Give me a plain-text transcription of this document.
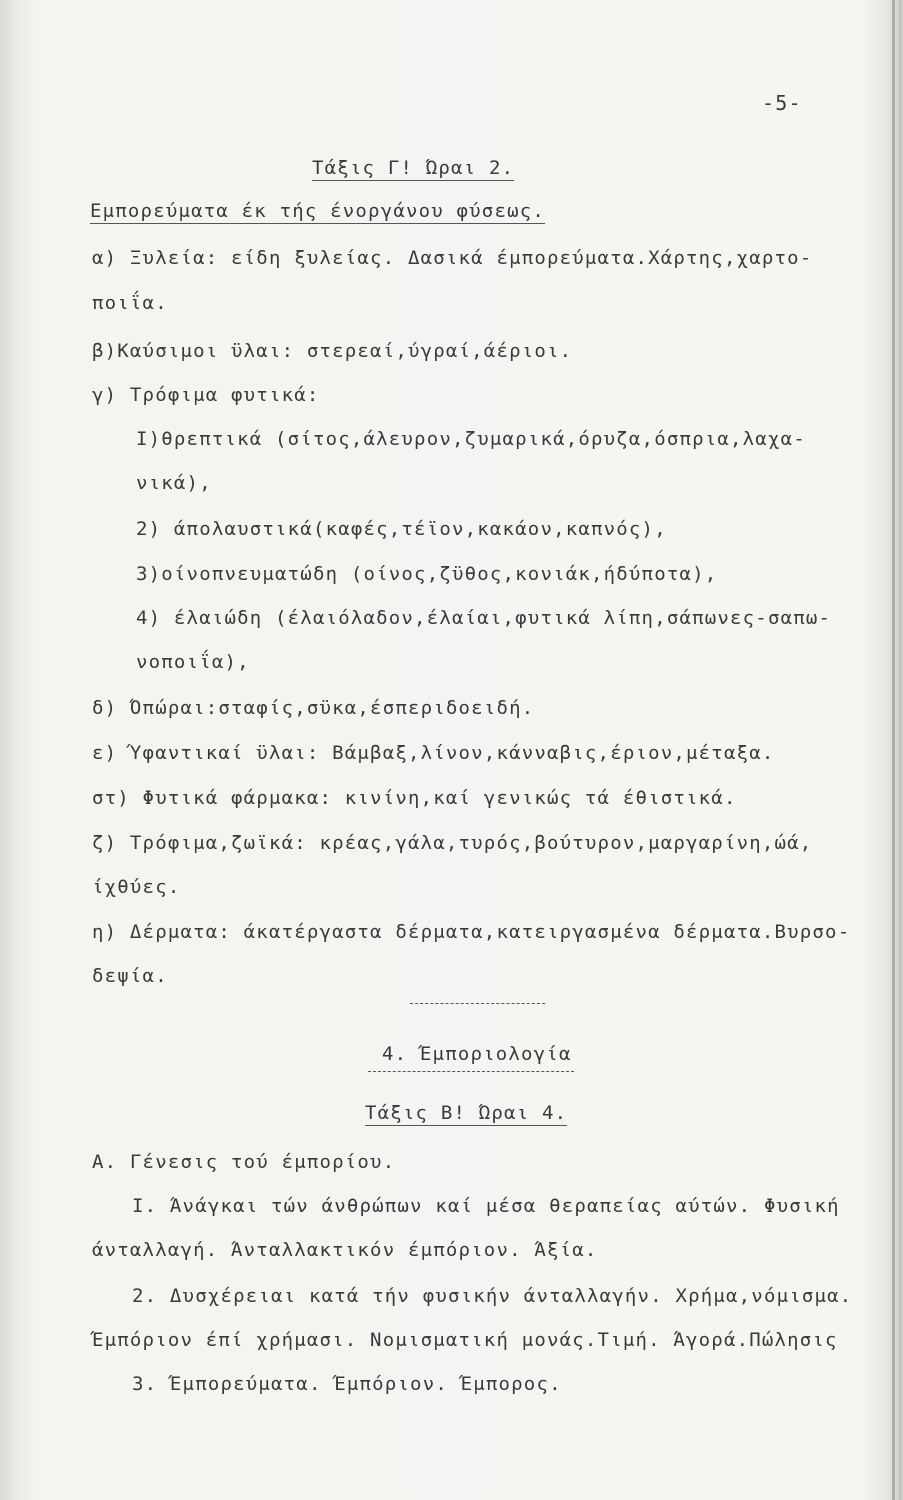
-5-
Τάξις Γ! Ώραι 2.
Εμπορεύματα έκ τής ένοργάνου φύσεως.
α) Ξυλεία: είδη ξυλείας. Δασικά έμπορεύματα.Χάρτης,χαρτο-
ποιΐα.
β)Καύσιμοι ϋλαι: στερεαί,ύγραί,άέριοι.
γ) Τρόφιμα φυτικά:
Ι)θρεπτικά (σίτος,άλευρον,ζυμαρικά,όρυζα,όσπρια,λαχα-
νικά),
2) άπολαυστικά(καφές,τέϊον,κακάον,καπνός),
3)οίνοπνευματώδη (οίνος,ζϋθος,κονιάκ,ήδύποτα),
4) έλαιώδη (έλαιόλαδον,έλαίαι,φυτικά λίπη,σάπωνες-σαπω-
νοποιΐα),
δ) Όπώραι:σταφίς,σϋκα,έσπεριδοειδή.
ε) Ύφαντικαί ϋλαι: Βάμβαξ,λίνον,κάνναβις,έριον,μέταξα.
στ) Φυτικά φάρμακα: κινίνη,καί γενικώς τά έθιστικά.
ζ) Τρόφιμα,ζωϊκά: κρέας,γάλα,τυρός,βούτυρον,μαργαρίνη,ώά,
ίχθύες.
η) Δέρματα: άκατέργαστα δέρματα,κατειργασμένα δέρματα.Βυρσο-
δεψία.
4. Έμποριολογία
Τάξις Β! Ώραι 4.
Α. Γένεσις τού έμπορίου.
Ι. Άνάγκαι τών άνθρώπων καί μέσα θεραπείας αύτών. Φυσική
άνταλλαγή. Άνταλλακτικόν έμπόριον. Άξία.
2. Δυσχέρειαι κατά τήν φυσικήν άνταλλαγήν. Χρήμα,νόμισμα.
Έμπόριον έπί χρήμασι. Νομισματική μονάς.Τιμή. Άγορά.Πώλησις
3. Έμπορεύματα. Έμπόριον. Έμπορος.
